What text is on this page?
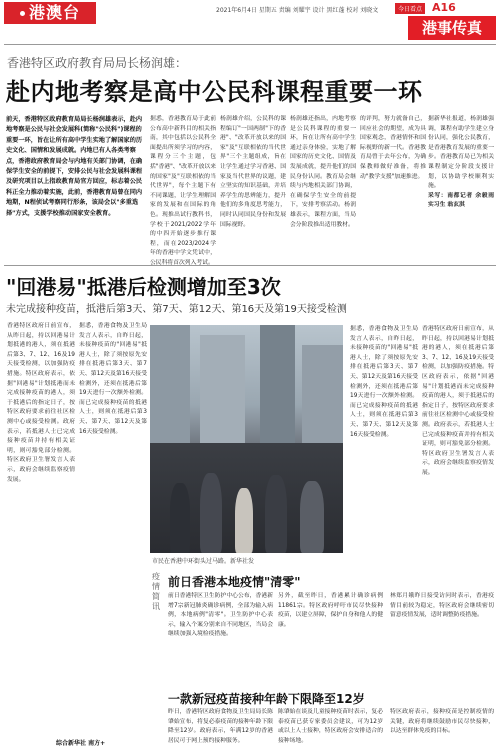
港澳台	2021年6月4日 星期五 责编 刘耀宇 设计 黑红蓬 校对 刘晓文	今日看点 A16
港事传真
香港特区政府教育局局长杨润雄：
赴内地考察是高中公民科课程重要一环
前天，香港特区政府教育局局长杨润雄表示，赴内地考察是公民与社会发展科(简称"公民科")课程的重要一环，旨在让所有高中学生实地了解国家的历史文化、国情和发展成就。内地已有人各类考察点，香港政府教育局会与内地有关部门协调，在确保学生安全的前提下，安排公民与社会发展科课程及研究项目以上指政教育局官方回应，标志着公民科正全力推动着实施，此前，香港教育局曾在同内地期，N程侦试考察同行形条，该局会以"多重选择"方式，支援学校推动国家安全教育。
据悉，香港教育局于此前公布高中新科目的相关指南，其中包括以公民科全面提出所须学习的内容，课程分三个主题，包括"香港"、"改革开放以来的国家"及"互联相依的当代世界"，每个主题下有不同课题，让学生理解国家的发展和在国际的角色。现推出试行教科书，学校于2021/2022学年的中四开始逐步推行课程，而在2023/2024学年的香港中学文凭试中，公民科将首次列入考试。
杨润雄介绍，公民科的课程编订"一国两制"下的香港"、"改革开放以来的国家"及"互联相依的当代世界"三个主题组成，旨在让学生通过学习香港、国家及当代世界的议题，建立坚实的知识基础，并培养学生的思辨能力，提升他们的多角度思考能力，同时认同国民身份和发展国际视野。
杨润雄还指出，内地考察是公民科课程的重要一环，旨在让所有高中学生通过亲身体验，实地了解国家的历史文化、国情及发展成就，提升他们的国民身份认同。教育局会继续与内地相关部门协调，在确保学生安全的前提下，安排考察活动。杨润雄表示，课程方面，当局会分阶段推出适用教材。
的评判，努力就备自己，回应社会的期望，成为具国家观念，香港情怀和国际视野的新一代。香港教育局曾于去年公布，为确保教师做好准备，将推动"教学支援"加速推进。
据新华社报道，杨润雄强调，课程有助学生建立身份认同，强化公民教育，是香港教育发展的重要一步。香港教育局已为相关课程制定分阶段支援计划，以协助学校顺利实施。
采写：南都记者 余毅雨 实习生 翁玄淇
"回港易"抵港后检测增加至3次
未完成接种疫苗，抵港后第3天、第7天、第12天、第16天及第19天接受检测
香港特区政府日前宣布，从昨日起，持以回港易计划抵港的港人，须在抵港后第3、7、12、16及19天接受检测，以加强防疫措施。特区政府表示，依据"回港易"计划抵港而未完成接种疫苗的港人，须于抵港后的指定日子，按特区政府要求前往社区检测中心或接受检测。政府表示，若抵港人士已完成接种疫苗并持有相关证明，则可豁免部分检测。特区政府卫生署发言人表示，政府会继续监察疫情发展。
据悉，香港食物及卫生局发言人表示，自昨日起，未接种疫苗的"回港易"抵港人士，除了须按原先安排在抵港后第3天、第7天、第12天及第16天接受检测外，还须在抵港后第19天进行一次额外检测。而已完成接种疫苗的抵港人士，则须在抵港后第3天、第7天、第12天及第16天接受检测。
市民在香港中环街头过马路。新华社发
据悉，香港食物及卫生局发言人表示，自昨日起，未接种疫苗的"回港易"抵港人士，除了须按原先安排在抵港后第3天、第7天、第12天及第16天接受检测外，还须在抵港后第19天进行一次额外检测。而已完成接种疫苗的抵港人士，则须在抵港后第3天、第7天、第12天及第16天接受检测。
香港特区政府日前宣布，从昨日起，持以回港易计划抵港的港人，须在抵港后第3、7、12、16及19天接受检测，以加强防疫措施。特区政府表示，依据"回港易"计划抵港而未完成接种疫苗的港人，须于抵港后的指定日子，按特区政府要求前往社区检测中心或接受检测。政府表示，若抵港人士已完成接种疫苗并持有相关证明，则可豁免部分检测。特区政府卫生署发言人表示，政府会继续监察疫情发展。
疫情简讯
前日香港本地疫情"清零"
前日香港特区卫生防护中心公布，香港新增7宗新冠肺炎确诊病例，全部为输入病例，本地病例"清零"。卫生防护中心表示，输入个案分别来自不同地区，当局会继续加强入境检疫措施。
另外，截至昨日，香港累计确诊病例11861宗。特区政府呼吁市民尽快接种疫苗，以建立屏障，保护自身和他人的健康。
林郑月娥昨日接受访问时表示，香港疫情目前较为稳定，特区政府会继续密切留意疫情发展，适时调整防疫措施。
一款新冠疫苗接种年龄下限降至12岁
昨日，香港特区政府食物及卫生局局长陈肇始宣布，将复必泰疫苗的接种年龄下限降至12岁。政府表示，年满12岁的香港居民可于网上预约接种服务。
陈肇始在谈及儿童接种疫苗时表示，复必泰疫苗已获专家委员会建议，可为12岁或以上人士接种，特区政府会安排适合的接种场地。
特区政府表示，接种疫苗是控制疫情的关键，政府将继续鼓励市民尽快接种，以达至群体免疫的目标。
综合新华社 南方+
